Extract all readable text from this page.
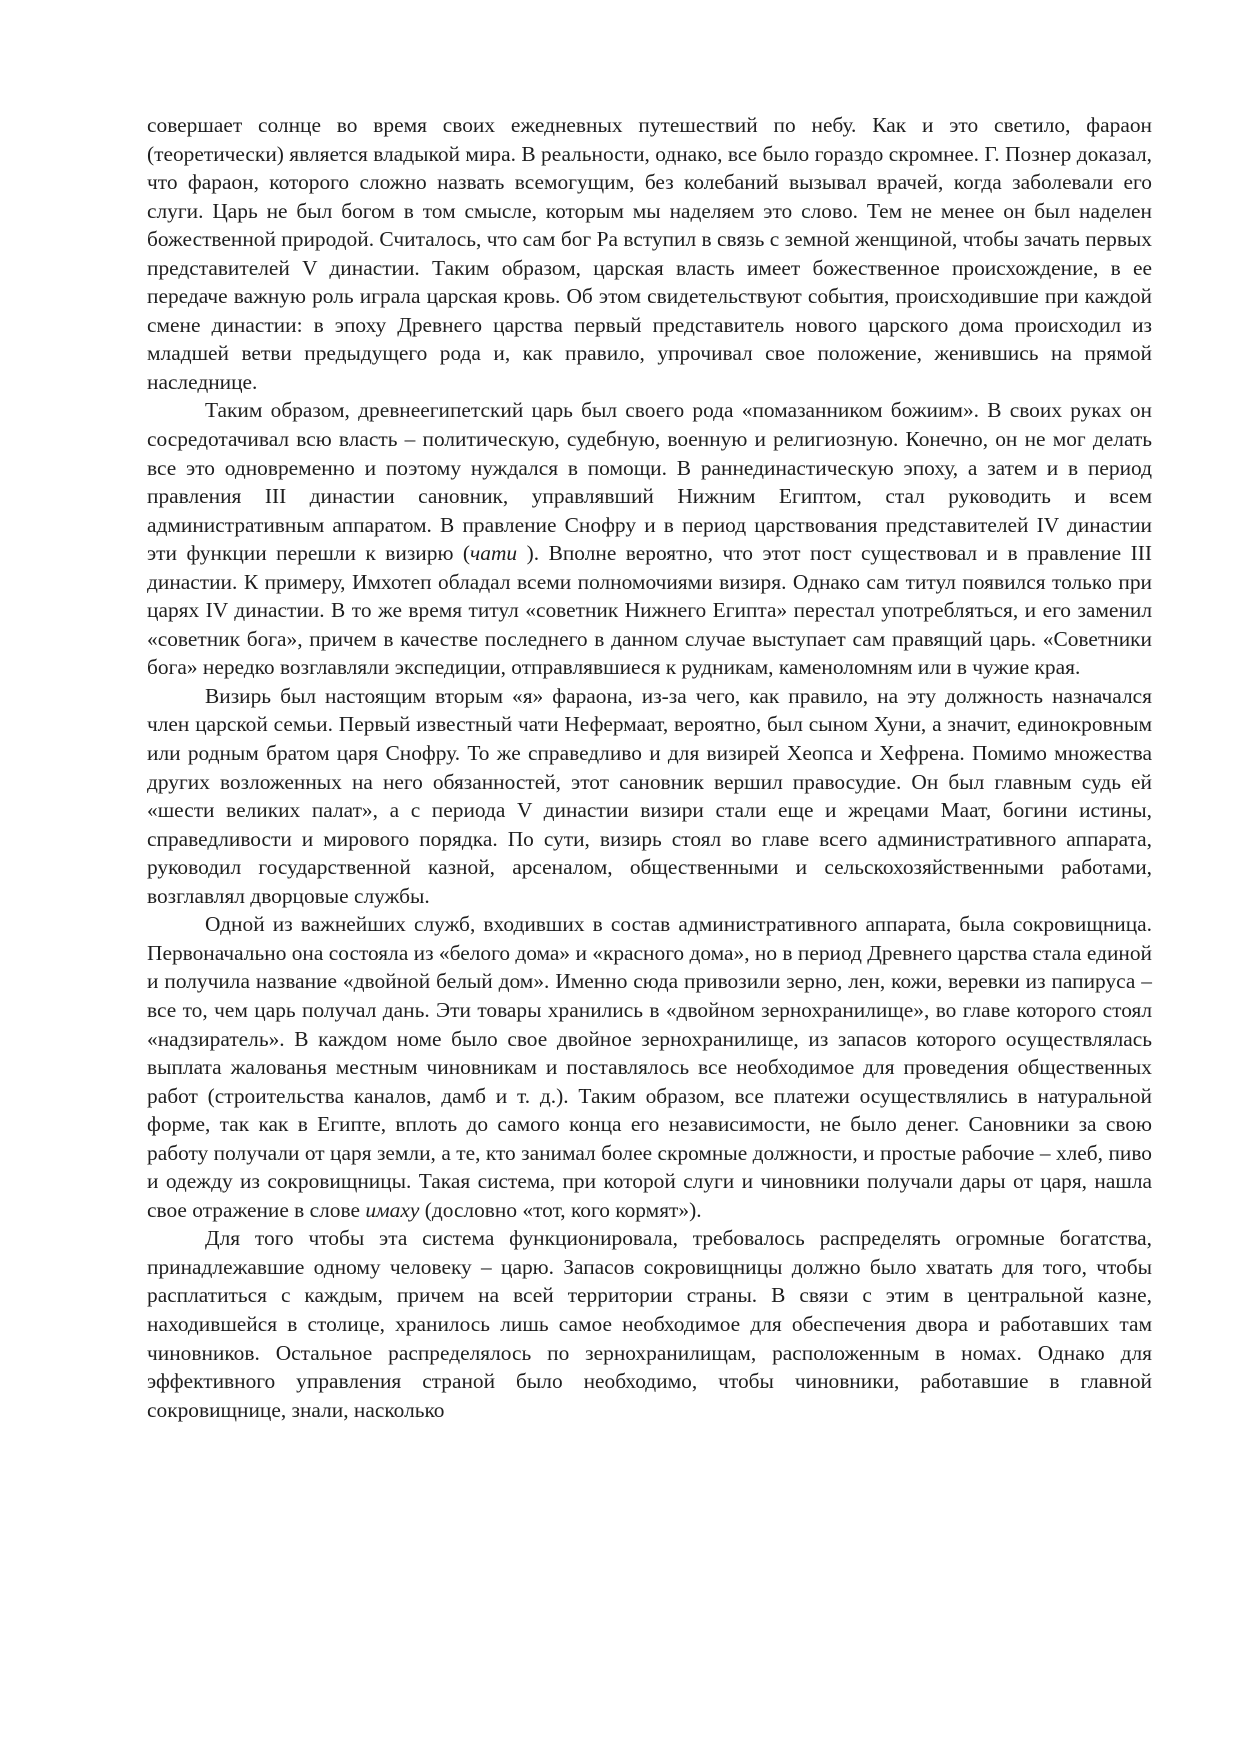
совершает солнце во время своих ежедневных путешествий по небу. Как и это светило, фараон (теоретически) является владыкой мира. В реальности, однако, все было гораздо скромнее. Г. Познер доказал, что фараон, которого сложно назвать всемогущим, без колебаний вызывал врачей, когда заболевали его слуги. Царь не был богом в том смысле, которым мы наделяем это слово. Тем не менее он был наделен божественной природой. Считалось, что сам бог Ра вступил в связь с земной женщиной, чтобы зачать первых представителей V династии. Таким образом, царская власть имеет божественное происхождение, в ее передаче важную роль играла царская кровь. Об этом свидетельствуют события, происходившие при каждой смене династии: в эпоху Древнего царства первый представитель нового царского дома происходил из младшей ветви предыдущего рода и, как правило, упрочивал свое положение, женившись на прямой наследнице.

Таким образом, древнеегипетский царь был своего рода «помазанником божиим». В своих руках он сосредотачивал всю власть – политическую, судебную, военную и религиозную. Конечно, он не мог делать все это одновременно и поэтому нуждался в помощи. В раннединастическую эпоху, а затем и в период правления III династии сановник, управлявший Нижним Египтом, стал руководить и всем административным аппаратом. В правление Снофру и в период царствования представителей IV династии эти функции перешли к визирю (чати ). Вполне вероятно, что этот пост существовал и в правление III династии. К примеру, Имхотеп обладал всеми полномочиями визиря. Однако сам титул появился только при царях IV династии. В то же время титул «советник Нижнего Египта» перестал употребляться, и его заменил «советник бога», причем в качестве последнего в данном случае выступает сам правящий царь. «Советники бога» нередко возглавляли экспедиции, отправлявшиеся к рудникам, каменоломням или в чужие края.

Визирь был настоящим вторым «я» фараона, из-за чего, как правило, на эту должность назначался член царской семьи. Первый известный чати Нефермаат, вероятно, был сыном Хуни, а значит, единокровным или родным братом царя Снофру. То же справедливо и для визирей Хеопса и Хефрена. Помимо множества других возложенных на него обязанностей, этот сановник вершил правосудие. Он был главным судь ей «шести великих палат», а с периода V династии визири стали еще и жрецами Маат, богини истины, справедливости и мирового порядка. По сути, визирь стоял во главе всего административного аппарата, руководил государственной казной, арсеналом, общественными и сельскохозяйственными работами, возглавлял дворцовые службы.

Одной из важнейших служб, входивших в состав административного аппарата, была сокровищница. Первоначально она состояла из «белого дома» и «красного дома», но в период Древнего царства стала единой и получила название «двойной белый дом». Именно сюда привозили зерно, лен, кожи, веревки из папируса – все то, чем царь получал дань. Эти товары хранились в «двойном зернохранилище», во главе которого стоял «надзиратель». В каждом номе было свое двойное зернохранилище, из запасов которого осуществлялась выплата жалованья местным чиновникам и поставлялось все необходимое для проведения общественных работ (строительства каналов, дамб и т. д.). Таким образом, все платежи осуществлялись в натуральной форме, так как в Египте, вплоть до самого конца его независимости, не было денег. Сановники за свою работу получали от царя земли, а те, кто занимал более скромные должности, и простые рабочие – хлеб, пиво и одежду из сокровищницы. Такая система, при которой слуги и чиновники получали дары от царя, нашла свое отражение в слове имаху (дословно «тот, кого кормят»).

Для того чтобы эта система функционировала, требовалось распределять огромные богатства, принадлежавшие одному человеку – царю. Запасов сокровищницы должно было хватать для того, чтобы расплатиться с каждым, причем на всей территории страны. В связи с этим в центральной казне, находившейся в столице, хранилось лишь самое необходимое для обеспечения двора и работавших там чиновников. Остальное распределялось по зернохранилищам, расположенным в номах. Однако для эффективного управления страной было необходимо, чтобы чиновники, работавшие в главной сокровищнице, знали, насколько
